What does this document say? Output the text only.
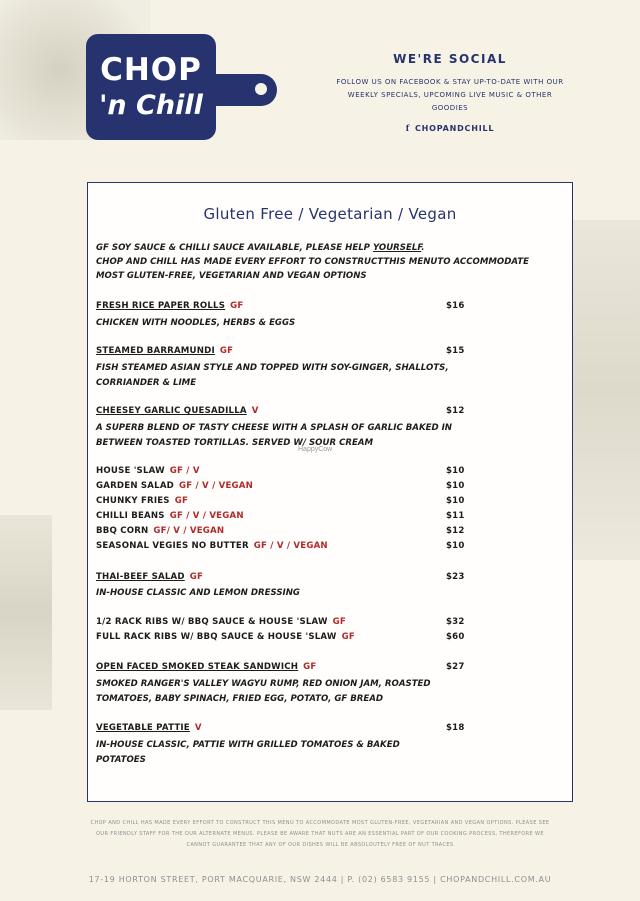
CHOP
'n Chill
WE'RE SOCIAL
FOLLOW US ON FACEBOOK & STAY UP-TO-DATE WITH OUR WEEKLY SPECIALS, UPCOMING LIVE MUSIC & OTHER GOODIES
f CHOPANDCHILL
Gluten Free / Vegetarian / Vegan
GF SOY SAUCE & CHILLI SAUCE AVAILABLE, PLEASE HELP YOURSELF.
CHOP AND CHILL HAS MADE EVERY EFFORT TO CONSTRUCTTHIS MENUTO ACCOMMODATE MOST GLUTEN-FREE, VEGETARIAN AND VEGAN OPTIONS
FRESH RICE PAPER ROLLS GF	$16
CHICKEN WITH NOODLES, HERBS & EGGS
STEAMED BARRAMUNDI GF	$15
FISH STEAMED ASIAN STYLE AND TOPPED WITH SOY-GINGER, SHALLOTS, CORRIANDER & LIME
CHEESEY GARLIC QUESADILLA V	$12
A SUPERB BLEND OF TASTY CHEESE WITH A SPLASH OF GARLIC BAKED IN BETWEEN TOASTED TORTILLAS. SERVED W/ SOUR CREAM
HappyCow
HOUSE 'SLAW GF / V	$10
GARDEN SALAD GF / V / VEGAN	$10
CHUNKY FRIES GF	$10
CHILLI BEANS GF / V / VEGAN	$11
BBQ CORN GF/ V / VEGAN	$12
SEASONAL VEGIES NO BUTTER GF / V / VEGAN	$10
THAI-BEEF SALAD GF	$23
IN-HOUSE CLASSIC AND LEMON DRESSING
1/2 RACK RIBS W/ BBQ SAUCE & HOUSE 'SLAW GF	$32
FULL RACK RIBS W/ BBQ SAUCE & HOUSE 'SLAW GF	$60
OPEN FACED SMOKED STEAK SANDWICH GF	$27
SMOKED RANGER'S VALLEY WAGYU RUMP, RED ONION JAM, ROASTED TOMATOES, BABY SPINACH, FRIED EGG, POTATO, GF BREAD
VEGETABLE PATTIE V	$18
IN-HOUSE CLASSIC, PATTIE WITH GRILLED TOMATOES & BAKED POTATOES
CHOP AND CHILL HAS MADE EVERY EFFORT TO CONSTRUCT THIS MENU TO ACCOMMODATE MOST GLUTEN-FREE, VEGETARIAN AND VEGAN OPTIONS. PLEASE SEE OUR FRIENDLY STAFF FOR THE OUR ALTERNATE MENUS. PLEASE BE AWARE THAT NUTS ARE AN ESSENTIAL PART OF OUR COOKING PROCESS, THEREFORE WE CANNOT GUARANTEE THAT ANY OF OUR DISHES WILL BE ABSOLOUTELY FREE OF NUT TRACES
17-19 HORTON STREET, PORT MACQUARIE, NSW 2444 | P. (02) 6583 9155 | CHOPANDCHILL.COM.AU
